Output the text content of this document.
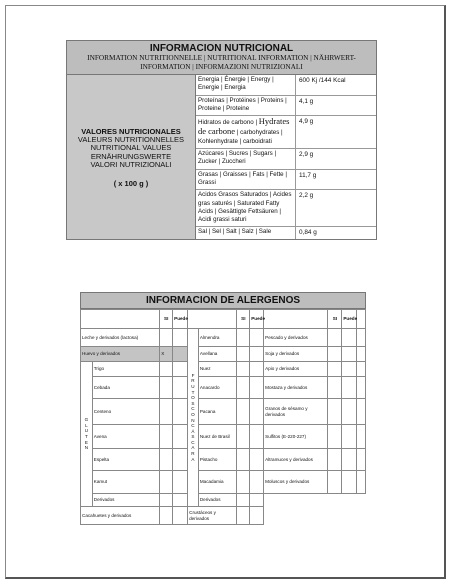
INFORMACION NUTRICIONAL
INFORMATION NUTRITIONNELLE | NUTRITIONAL INFORMATION | NÄHRWERT-INFORMATION | INFORMAZIONI NUTRIZIONALI
VALORES NUTRICIONALES
VALEURS NUTRITIONNELLES
NUTRITIONAL VALUES
ERNÄHRUNGSWERTE
VALORI NUTRIZIONALI
( x 100 g )
Energia | Énergie | Energy | Energie | Energia
600 Kj /144 Kcal
Proteínas | Protéines | Proteins | Proteine | Proteine
4,1 g
Hidratos de carbono | Hydrates de carbone | carbohydrates | Kohlenhydrate | carboidrati
4,9 g
Azúcares | Sucres | Sugars | Zucker | Zuccheri
2,9 g
Grasas | Graisses | Fats | Fette | Grassi
11,7 g
Acidos Grasos Saturados | Acides gras saturés | Saturated Fatty Acids | Gesättigte Fettsäuren | Acidi grassi saturi
2,2 g
Sal | Sel | Salt | Salz | Sale	0,84 g
INFORMACION DE ALERGENOS
		SI	Puede			SI	Puede		SI	Puede	
Leche y derivados (lactosa)				FRUTOS CON CÁSCARA	Almendra			Pescado y derivados			
Huevo y derivados		X			Avellana			Soja y derivados			
GLUTEN	Trigo				Nuez			Apio y derivados			
	Cebada				Anacardo			Mostaza y derivados			
	Centeno				Pacana			Granos de sésamo y derivados			
	Avena				Nuez de Brasil			Sulfitos (E-220-227)			
	Espelta				Pistacho			Altramuces y derivados			
	Kamut				Macadamia			Moluscos y derivados			
	Derivados				Derivados						
Cacahuetes y derivados				Crustáceos y derivados							
